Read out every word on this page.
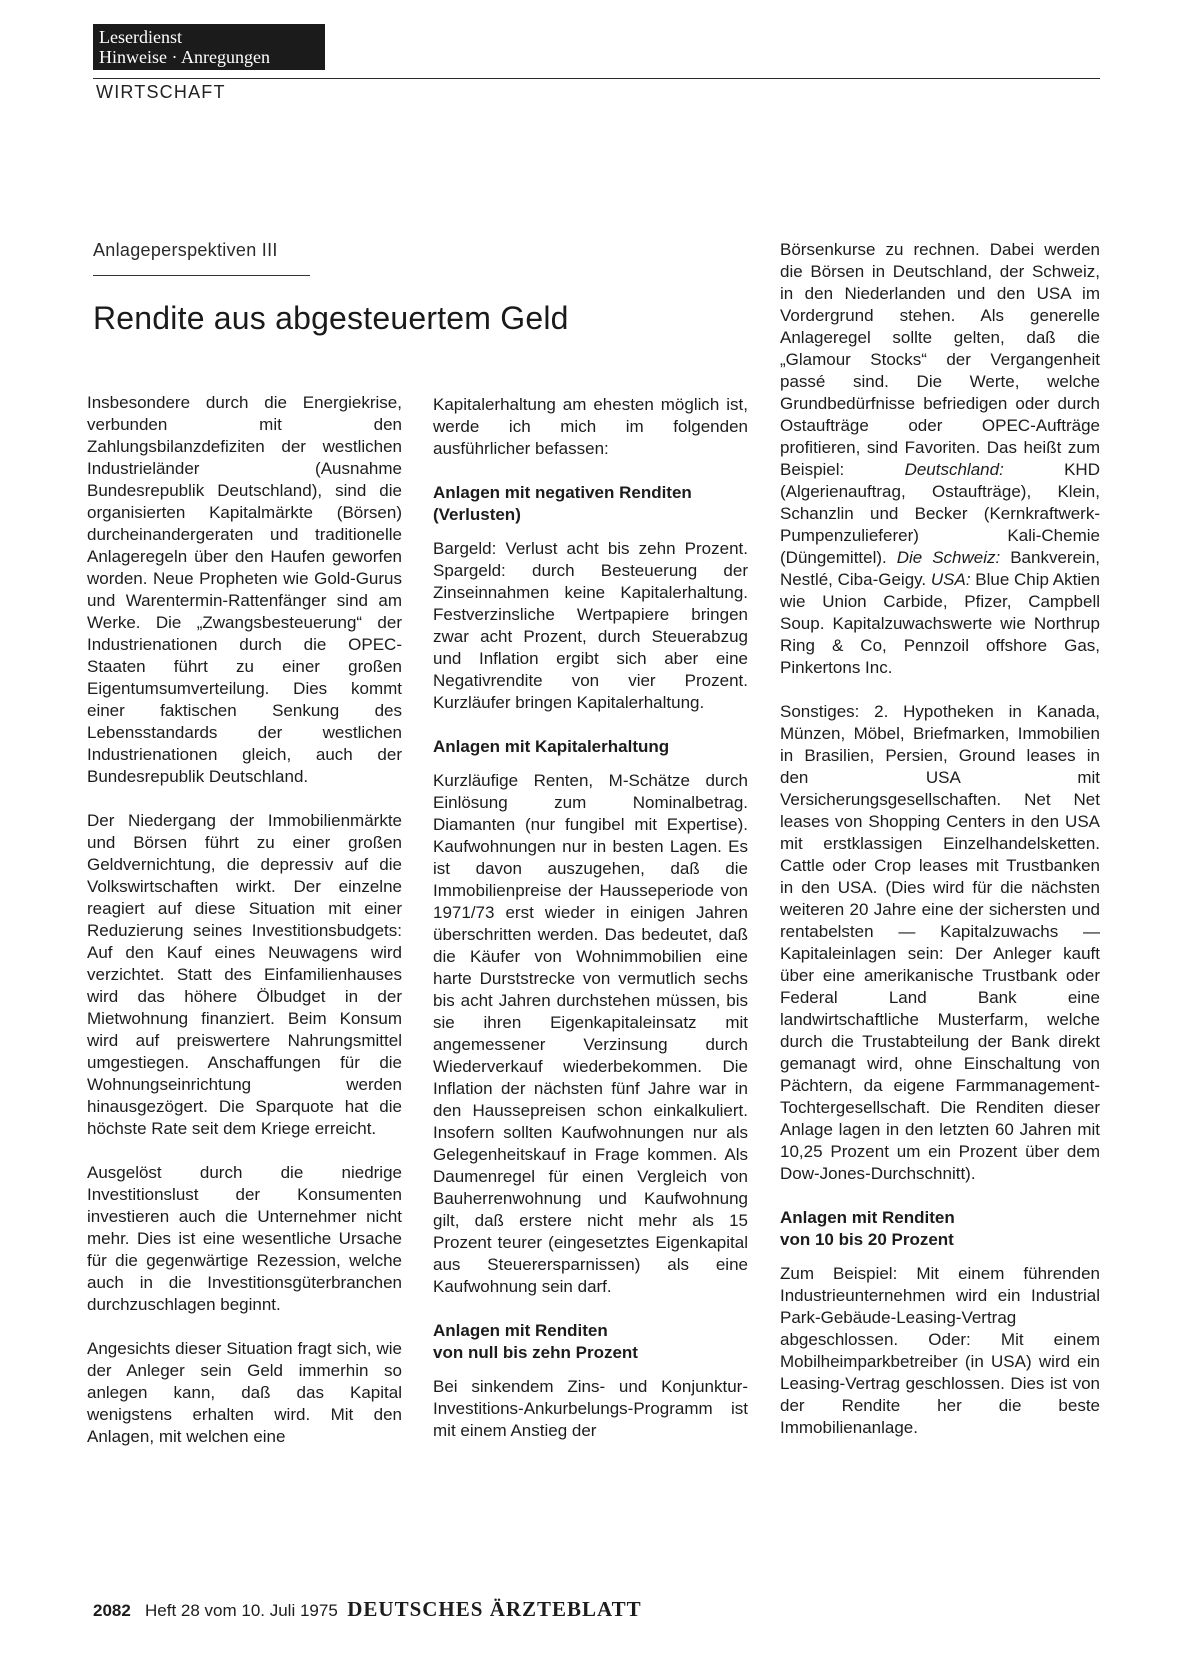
Leserdienst
Hinweise · Anregungen
WIRTSCHAFT
Anlageperspektiven III
Rendite aus abgesteuertem Geld

Insbesondere durch die Energiekrise, verbunden mit den Zahlungsbilanzdefiziten der westlichen Industrieländer (Ausnahme Bundesrepublik Deutschland), sind die organisierten Kapitalmärkte (Börsen) durcheinandergeraten und traditionelle Anlageregeln über den Haufen geworfen worden. Neue Propheten wie Gold-Gurus und Warentermin-Rattenfänger sind am Werke. Die „Zwangsbesteuerung“ der Industrienationen durch die OPEC-Staaten führt zu einer großen Eigentumsumverteilung. Dies kommt einer faktischen Senkung des Lebensstandards der westlichen Industrienationen gleich, auch der Bundesrepublik Deutschland.

Der Niedergang der Immobilienmärkte und Börsen führt zu einer großen Geldvernichtung, die depressiv auf die Volkswirtschaften wirkt. Der einzelne reagiert auf diese Situation mit einer Reduzierung seines Investitionsbudgets: Auf den Kauf eines Neuwagens wird verzichtet. Statt des Einfamilienhauses wird das höhere Ölbudget in der Mietwohnung finanziert. Beim Konsum wird auf preiswertere Nahrungsmittel umgestiegen. Anschaffungen für die Wohnungseinrichtung werden hinausgezögert. Die Sparquote hat die höchste Rate seit dem Kriege erreicht.

Ausgelöst durch die niedrige Investitionslust der Konsumenten investieren auch die Unternehmer nicht mehr. Dies ist eine wesentliche Ursache für die gegenwärtige Rezession, welche auch in die Investitionsgüterbranchen durchzuschlagen beginnt.

Angesichts dieser Situation fragt sich, wie der Anleger sein Geld immerhin so anlegen kann, daß das Kapital wenigstens erhalten wird. Mit den Anlagen, mit welchen eine

Kapitalerhaltung am ehesten möglich ist, werde ich mich im folgenden ausführlicher befassen:

Anlagen mit negativen Renditen (Verlusten)

Bargeld: Verlust acht bis zehn Prozent. Spargeld: durch Besteuerung der Zinseinnahmen keine Kapitalerhaltung. Festverzinsliche Wertpapiere bringen zwar acht Prozent, durch Steuerabzug und Inflation ergibt sich aber eine Negativrendite von vier Prozent. Kurzläufer bringen Kapitalerhaltung.

Anlagen mit Kapitalerhaltung

Kurzläufige Renten, M-Schätze durch Einlösung zum Nominalbetrag. Diamanten (nur fungibel mit Expertise). Kaufwohnungen nur in besten Lagen. Es ist davon auszugehen, daß die Immobilienpreise der Hausseperiode von 1971/73 erst wieder in einigen Jahren überschritten werden. Das bedeutet, daß die Käufer von Wohnimmobilien eine harte Durststrecke von vermutlich sechs bis acht Jahren durchstehen müssen, bis sie ihren Eigenkapitaleinsatz mit angemessener Verzinsung durch Wiederverkauf wiederbekommen. Die Inflation der nächsten fünf Jahre war in den Haussepreisen schon einkalkuliert. Insofern sollten Kaufwohnungen nur als Gelegenheitskauf in Frage kommen. Als Daumenregel für einen Vergleich von Bauherrenwohnung und Kaufwohnung gilt, daß erstere nicht mehr als 15 Prozent teurer (eingesetztes Eigenkapital aus Steuerersparnissen) als eine Kaufwohnung sein darf.

Anlagen mit Renditen
von null bis zehn Prozent

Bei sinkendem Zins- und Konjunktur-Investitions-Ankurbelungs-Programm ist mit einem Anstieg der

Börsenkurse zu rechnen. Dabei werden die Börsen in Deutschland, der Schweiz, in den Niederlanden und den USA im Vordergrund stehen. Als generelle Anlageregel sollte gelten, daß die „Glamour Stocks“ der Vergangenheit passé sind. Die Werte, welche Grundbedürfnisse befriedigen oder durch Ostaufträge oder OPEC-Aufträge profitieren, sind Favoriten. Das heißt zum Beispiel: Deutschland: KHD (Algerienauftrag, Ostaufträge), Klein, Schanzlin und Becker (Kernkraftwerk-Pumpenzulieferer) Kali-Chemie (Düngemittel). Die Schweiz: Bankverein, Nestlé, Ciba-Geigy. USA: Blue Chip Aktien wie Union Carbide, Pfizer, Campbell Soup. Kapitalzuwachswerte wie Northrup Ring & Co, Pennzoil offshore Gas, Pinkertons Inc.

Sonstiges: 2. Hypotheken in Kanada, Münzen, Möbel, Briefmarken, Immobilien in Brasilien, Persien, Ground leases in den USA mit Versicherungsgesellschaften. Net Net leases von Shopping Centers in den USA mit erstklassigen Einzelhandelsketten. Cattle oder Crop leases mit Trustbanken in den USA. (Dies wird für die nächsten weiteren 20 Jahre eine der sichersten und rentabelsten — Kapitalzuwachs — Kapitaleinlagen sein: Der Anleger kauft über eine amerikanische Trustbank oder Federal Land Bank eine landwirtschaftliche Musterfarm, welche durch die Trustabteilung der Bank direkt gemanagt wird, ohne Einschaltung von Pächtern, da eigene Farmmanagement-Tochtergesellschaft. Die Renditen dieser Anlage lagen in den letzten 60 Jahren mit 10,25 Prozent um ein Prozent über dem Dow-Jones-Durchschnitt).

Anlagen mit Renditen
von 10 bis 20 Prozent

Zum Beispiel: Mit einem führenden Industrieunternehmen wird ein Industrial Park-Gebäude-Leasing-Vertrag abgeschlossen. Oder: Mit einem Mobilheimparkbetreiber (in USA) wird ein Leasing-Vertrag geschlossen. Dies ist von der Rendite her die beste Immobilienanlage.

2082 Heft 28 vom 10. Juli 1975 DEUTSCHES ÄRZTEBLATT
